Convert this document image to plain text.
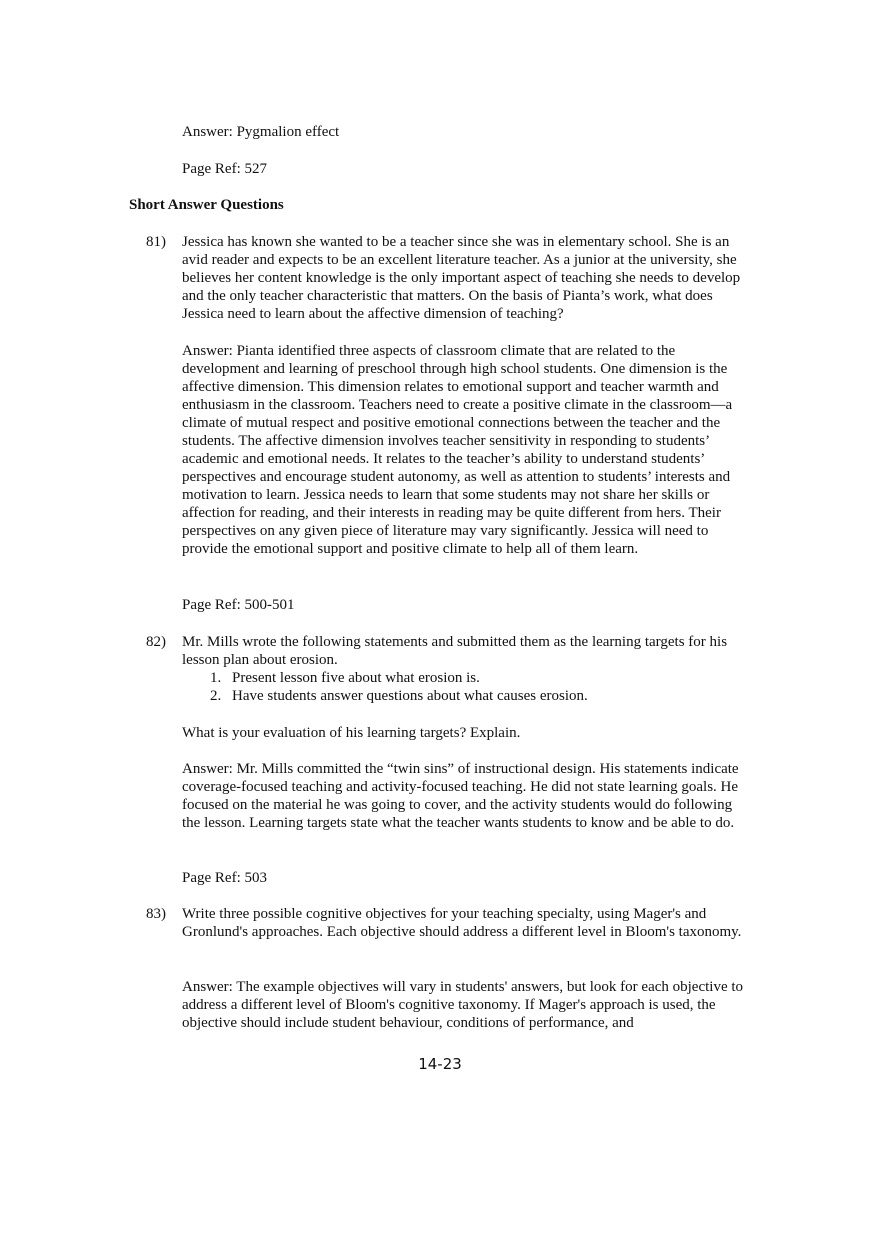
Answer: Pygmalion effect
Page Ref: 527
Short Answer Questions
81) Jessica has known she wanted to be a teacher since she was in elementary school. She is an avid reader and expects to be an excellent literature teacher. As a junior at the university, she believes her content knowledge is the only important aspect of teaching she needs to develop and the only teacher characteristic that matters. On the basis of Pianta’s work, what does Jessica need to learn about the affective dimension of teaching?
Answer: Pianta identified three aspects of classroom climate that are related to the development and learning of preschool through high school students. One dimension is the affective dimension. This dimension relates to emotional support and teacher warmth and enthusiasm in the classroom. Teachers need to create a positive climate in the classroom—a climate of mutual respect and positive emotional connections between the teacher and the students. The affective dimension involves teacher sensitivity in responding to students’ academic and emotional needs. It relates to the teacher’s ability to understand students’ perspectives and encourage student autonomy, as well as attention to students’ interests and motivation to learn. Jessica needs to learn that some students may not share her skills or affection for reading, and their interests in reading may be quite different from hers. Their perspectives on any given piece of literature may vary significantly. Jessica will need to provide the emotional support and positive climate to help all of them learn.
Page Ref: 500-501
82) Mr. Mills wrote the following statements and submitted them as the learning targets for his lesson plan about erosion.
1. Present lesson five about what erosion is.
2. Have students answer questions about what causes erosion.
What is your evaluation of his learning targets? Explain.
Answer: Mr. Mills committed the “twin sins” of instructional design. His statements indicate coverage-focused teaching and activity-focused teaching. He did not state learning goals. He focused on the material he was going to cover, and the activity students would do following the lesson. Learning targets state what the teacher wants students to know and be able to do.
Page Ref: 503
83) Write three possible cognitive objectives for your teaching specialty, using Mager's and Gronlund's approaches. Each objective should address a different level in Bloom's taxonomy.
Answer: The example objectives will vary in students' answers, but look for each objective to address a different level of Bloom's cognitive taxonomy. If Mager's approach is used, the objective should include student behaviour, conditions of performance, and
14-23
